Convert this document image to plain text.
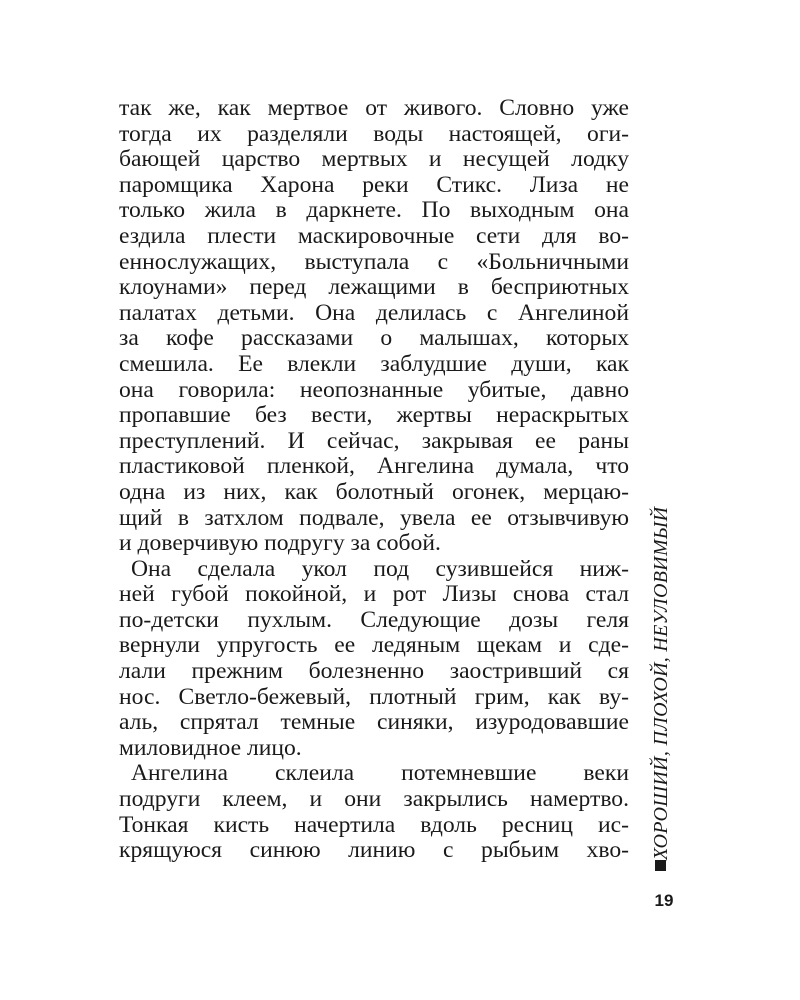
так же, как мертвое от живого. Словно уже
тогда их разделяли воды настоящей, оги-
бающей царство мертвых и несущей лодку
паромщика Харона реки Стикс. Лиза не
только жила в даркнете. По выходным она
ездила плести маскировочные сети для во-
еннослужащих, выступала с «Больничными
клоунами» перед лежащими в бесприютных
палатах детьми. Она делилась с Ангелиной
за кофе рассказами о малышах, которых
смешила. Ее влекли заблудшие души, как
она говорила: неопознанные убитые, давно
пропавшие без вести, жертвы нераскрытых
преступлений. И сейчас, закрывая ее раны
пластиковой пленкой, Ангелина думала, что
одна из них, как болотный огонек, мерцаю-
щий в затхлом подвале, увела ее отзывчивую
и доверчивую подругу за собой.
Она сделала укол под сузившейся ниж-
ней губой покойной, и рот Лизы снова стал
по-детски пухлым. Следующие дозы геля
вернули упругость ее ледяным щекам и сде-
лали прежним болезненно заостривший ся
нос. Светло-бежевый, плотный грим, как ву-
аль, спрятал темные синяки, изуродовавшие
миловидное лицо.
Ангелина склеила потемневшие веки
подруги клеем, и они закрылись намертво.
Тонкая кисть начертила вдоль ресниц ис-
крящуюся синюю линию с рыбьим хво- ХОРОШИЙ, ПЛОХОЙ, НЕУЛОВИМЫЙ
19
